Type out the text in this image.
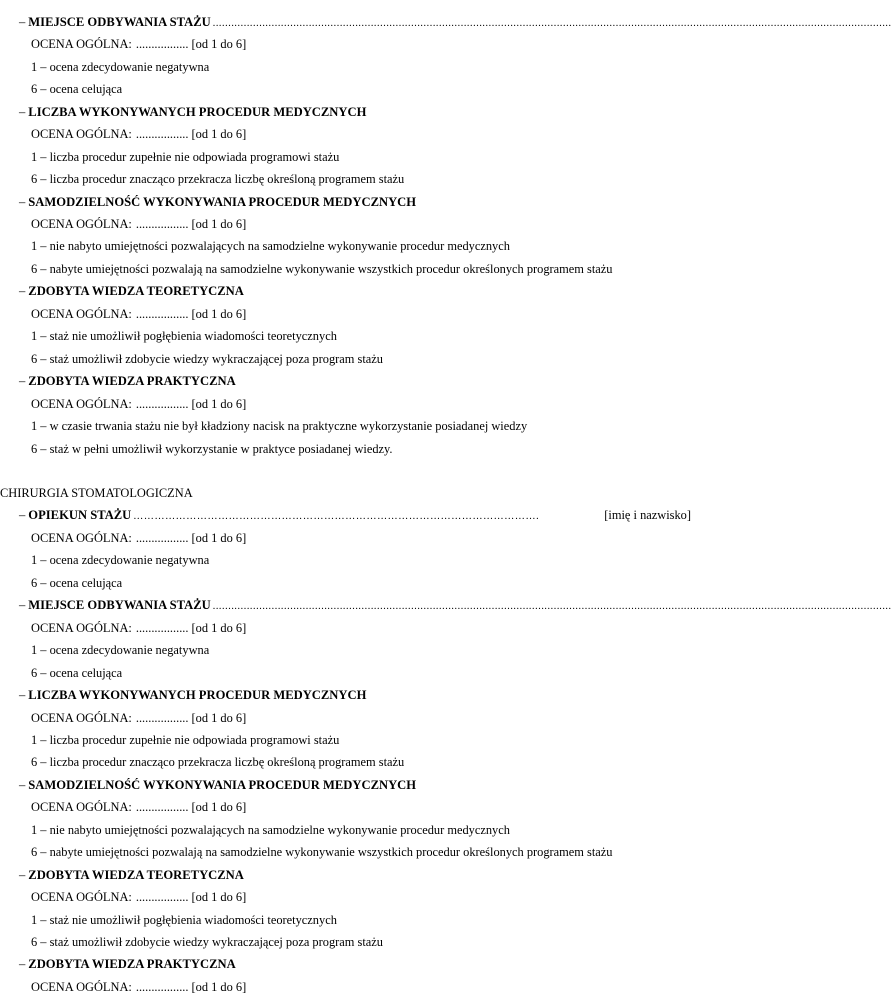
– MIEJSCE ODBYWANIA STAŻU ...........................................................................................................................................................................................................................
OCENA OGÓLNA: ................. [od 1 do 6]
1 – ocena zdecydowanie negatywna
6 – ocena celująca
– LICZBA WYKONYWANYCH PROCEDUR MEDYCZNYCH
OCENA OGÓLNA: ................. [od 1 do 6]
1 – liczba procedur zupełnie nie odpowiada programowi stażu
6 – liczba procedur znacząco przekracza liczbę określoną programem stażu
– SAMODZIELNOŚĆ WYKONYWANIA PROCEDUR MEDYCZNYCH
OCENA OGÓLNA: ................. [od 1 do 6]
1 – nie nabyto umiejętności pozwalających na samodzielne wykonywanie procedur medycznych
6 – nabyte umiejętności pozwalają na samodzielne wykonywanie wszystkich procedur określonych programem stażu
– ZDOBYTA WIEDZA TEORETYCZNA
OCENA OGÓLNA: ................. [od 1 do 6]
1 – staż nie umożliwił pogłębienia wiadomości teoretycznych
6 – staż umożliwił zdobycie wiedzy wykraczającej poza program stażu
– ZDOBYTA WIEDZA PRAKTYCZNA
OCENA OGÓLNA: ................. [od 1 do 6]
1 – w czasie trwania stażu nie był kładziony nacisk na praktyczne wykorzystanie posiadanej wiedzy
6 – staż w pełni umożliwił wykorzystanie w praktyce posiadanej wiedzy.
CHIRURGIA STOMATOLOGICZNA
– OPIEKUN STAŻU …………………………………………………………………………………………………….	[imię i nazwisko]
OCENA OGÓLNA: ................. [od 1 do 6]
1 – ocena zdecydowanie negatywna
6 – ocena celująca
– MIEJSCE ODBYWANIA STAŻU ...........................................................................................................................................................................................................................
OCENA OGÓLNA: ................. [od 1 do 6]
1 – ocena zdecydowanie negatywna
6 – ocena celująca
– LICZBA WYKONYWANYCH PROCEDUR MEDYCZNYCH
OCENA OGÓLNA: ................. [od 1 do 6]
1 – liczba procedur zupełnie nie odpowiada programowi stażu
6 – liczba procedur znacząco przekracza liczbę określoną programem stażu
– SAMODZIELNOŚĆ WYKONYWANIA PROCEDUR MEDYCZNYCH
OCENA OGÓLNA: ................. [od 1 do 6]
1 – nie nabyto umiejętności pozwalających na samodzielne wykonywanie procedur medycznych
6 – nabyte umiejętności pozwalają na samodzielne wykonywanie wszystkich procedur określonych programem stażu
– ZDOBYTA WIEDZA TEORETYCZNA
OCENA OGÓLNA: ................. [od 1 do 6]
1 – staż nie umożliwił pogłębienia wiadomości teoretycznych
6 – staż umożliwił zdobycie wiedzy wykraczającej poza program stażu
– ZDOBYTA WIEDZA PRAKTYCZNA
OCENA OGÓLNA: ................. [od 1 do 6]
